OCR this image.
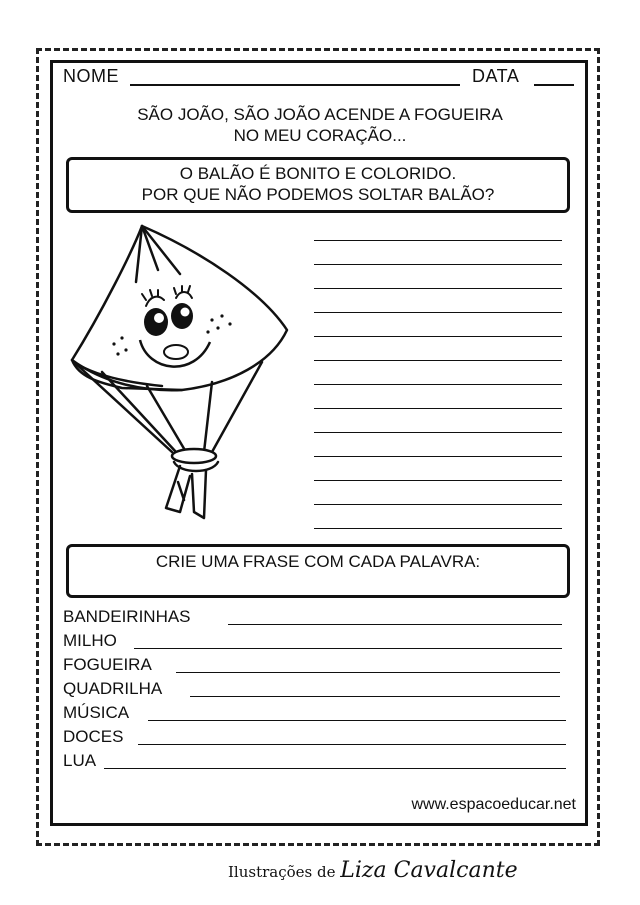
NOME	DATA
SÃO JOÃO, SÃO JOÃO ACENDE A FOGUEIRA
NO MEU CORAÇÃO...
O BALÃO É BONITO E COLORIDO.
POR QUE NÃO PODEMOS SOLTAR BALÃO?
CRIE UMA FRASE COM CADA PALAVRA:
BANDEIRINHAS
MILHO
FOGUEIRA
QUADRILHA
MÚSICA
DOCES
LUA
www.espacoeducar.net
Ilustrações de Liza Cavalcante
